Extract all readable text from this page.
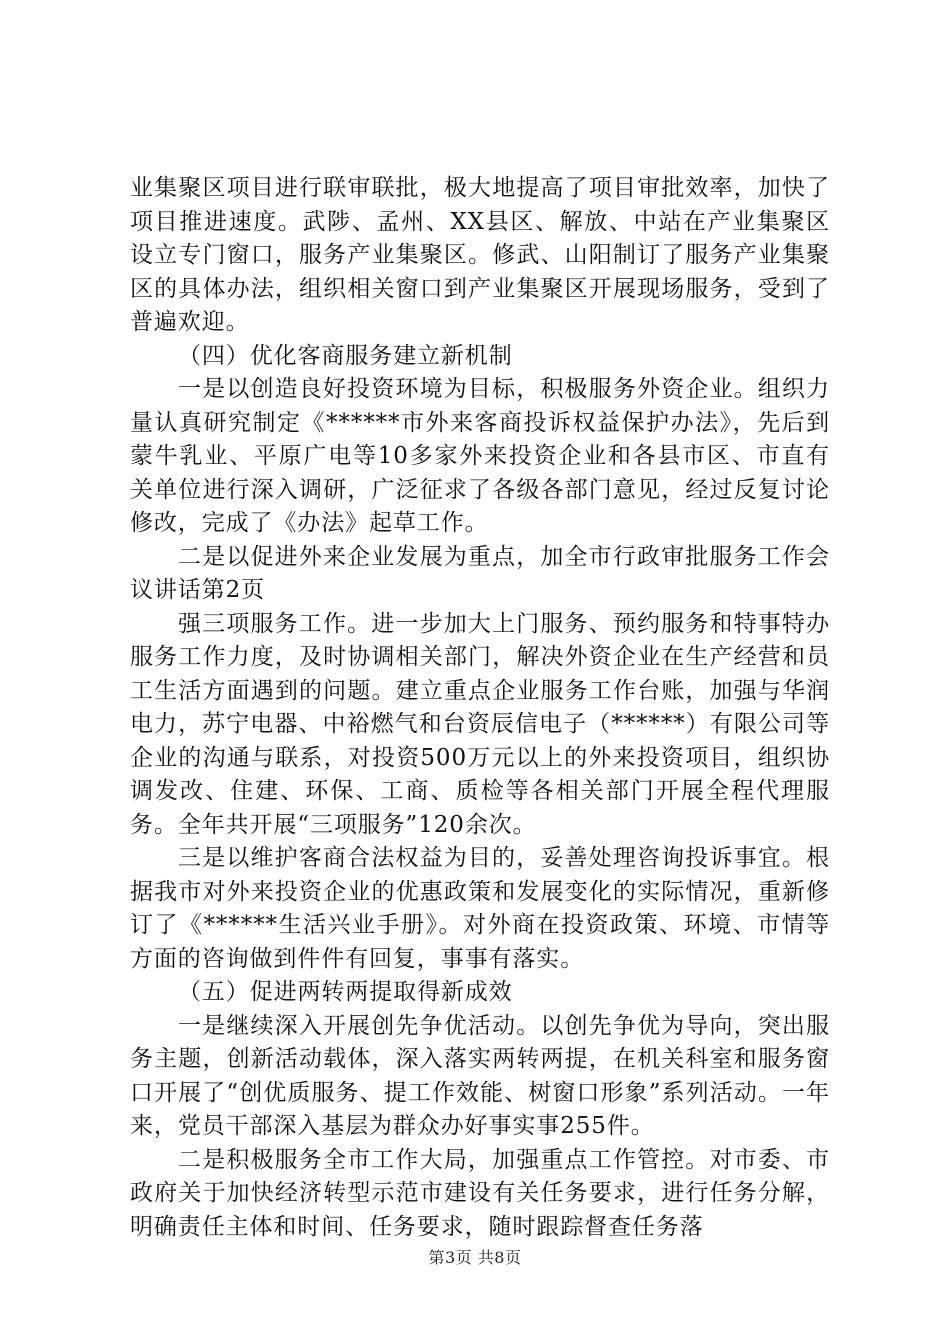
业集聚区项目进行联审联批，极大地提高了项目审批效率，加快了项目推进速度。武陟、孟州、XX县区、解放、中站在产业集聚区设立专门窗口，服务产业集聚区。修武、山阳制订了服务产业集聚区的具体办法，组织相关窗口到产业集聚区开展现场服务，受到了普遍欢迎。

（四）优化客商服务建立新机制

一是以创造良好投资环境为目标，积极服务外资企业。组织力量认真研究制定《******市外来客商投诉权益保护办法》，先后到蒙牛乳业、平原广电等10多家外来投资企业和各县市区、市直有关单位进行深入调研，广泛征求了各级各部门意见，经过反复讨论修改，完成了《办法》起草工作。

二是以促进外来企业发展为重点，加全市行政审批服务工作会议讲话第2页

强三项服务工作。进一步加大上门服务、预约服务和特事特办服务工作力度，及时协调相关部门，解决外资企业在生产经营和员工生活方面遇到的问题。建立重点企业服务工作台账，加强与华润电力，苏宁电器、中裕燃气和台资辰信电子（******）有限公司等企业的沟通与联系，对投资500万元以上的外来投资项目，组织协调发改、住建、环保、工商、质检等各相关部门开展全程代理服务。全年共开展“三项服务”120余次。

三是以维护客商合法权益为目的，妥善处理咨询投诉事宜。根据我市对外来投资企业的优惠政策和发展变化的实际情况，重新修订了《******生活兴业手册》。对外商在投资政策、环境、市情等方面的咨询做到件件有回复，事事有落实。

（五）促进两转两提取得新成效

一是继续深入开展创先争优活动。以创先争优为导向，突出服务主题，创新活动载体，深入落实两转两提，在机关科室和服务窗口开展了“创优质服务、提工作效能、树窗口形象”系列活动。一年来，党员干部深入基层为群众办好事实事255件。

二是积极服务全市工作大局，加强重点工作管控。对市委、市政府关于加快经济转型示范市建设有关任务要求，进行任务分解，明确责任主体和时间、任务要求，随时跟踪督查任务落

第3页 共8页
